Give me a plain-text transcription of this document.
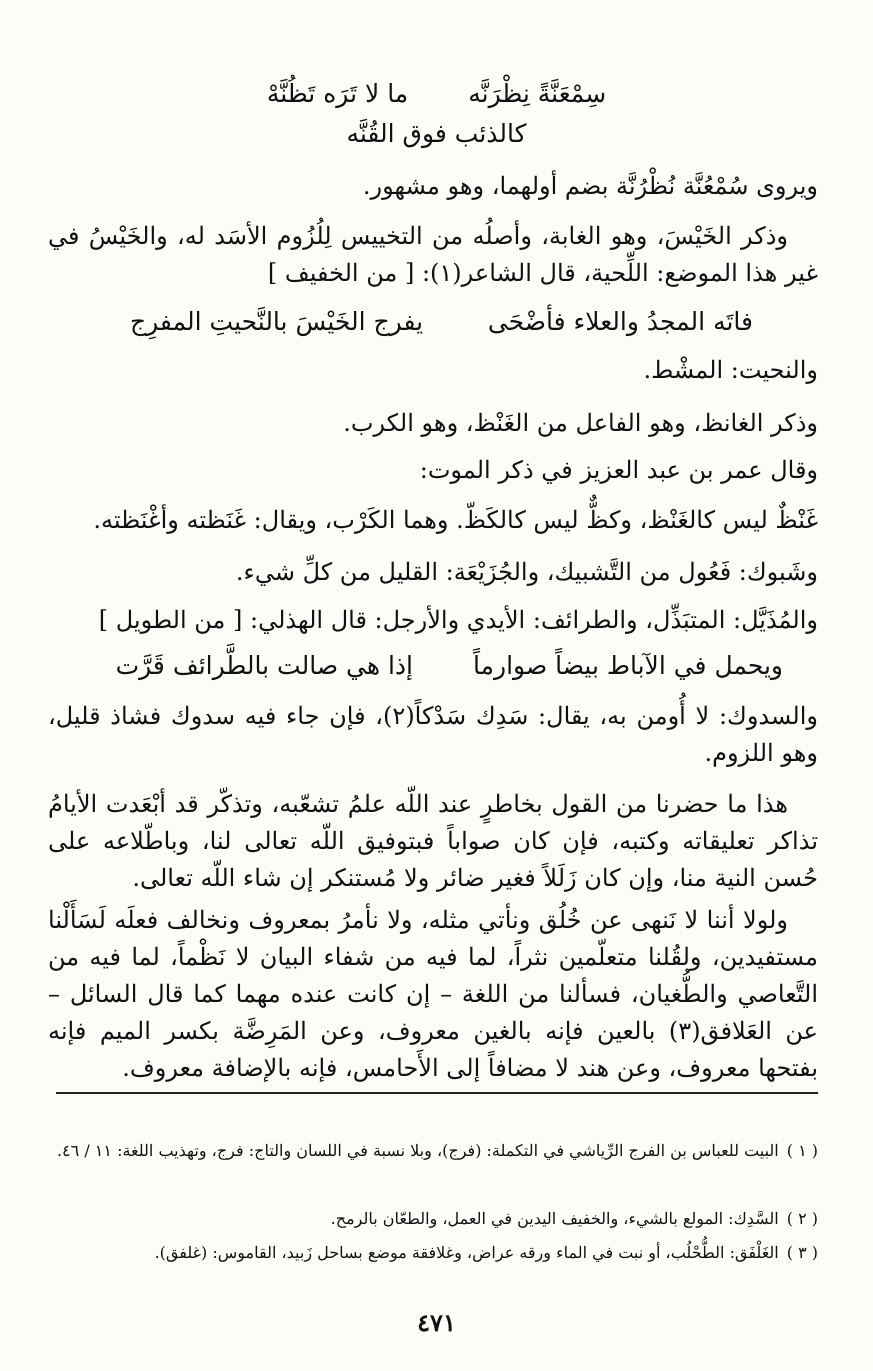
سِمْعَنَّةً نِظْرَنَّه
ما لا تَرَه تَظُنَّهْ
كالذئب فوق القُنَّه
ويروى سُمْعُنَّة نُظْرُنَّة بضم أولهما، وهو مشهور.
وذكر الخَيْسَ، وهو الغابة، وأصلُه من التخييس لِلُزُوم الأسَد له، والخَيْسُ في غير هذا الموضع: اللِّحية، قال الشاعر(١): [ من الخفيف ]
فاتَه المجدُ والعلاء فأضْحَى
يفرج الخَيْسَ بالنَّحيتِ المفرِج
والنحيت: المشْط.
وذكر الغانظ، وهو الفاعل من الغَنْظ، وهو الكرب.
وقال عمر بن عبد العزيز في ذكر الموت:
غَنْظٌ ليس كالغَنْظ، وكظٌّ ليس كالكَظّ. وهما الكَرْب، ويقال: غَنَظته وأغْنَظته.
وشَبوك: فَعُول من التَّشبيك، والجُزَيْعَة: القليل من كلِّ شيء.
والمُذَيَّل: المتبَذِّل، والطرائف: الأيدي والأرجل: قال الهذلي: [ من الطويل ]
ويحمل في الآباط بيضاً صوارماً
إذا هي صالت بالطَّرائف قَرَّت
والسدوك: لا أُومن به، يقال: سَدِك سَدْكاً(٢)، فإن جاء فيه سدوك فشاذ قليل، وهو اللزوم.
هذا ما حضرنا من القول بخاطرٍ عند اللّه علمُ تشعّبه، وتذكّر قد أبْعَدت الأيامُ تذاكر تعليقاته وكتبه، فإن كان صواباً فبتوفيق اللّه تعالى لنا، وباطّلاعه على حُسن النية منا، وإن كان زَلَلاً فغير ضائر ولا مُستنكر إن شاء اللّه تعالى.
ولولا أننا لا نَنهى عن خُلُق ونأتي مثله، ولا نأمرُ بمعروف ونخالف فعلَه لَسَأَلْنا مستفيدين، ولقُلنا متعلّمين نثراً، لما فيه من شفاء البيان لا نَظْماً، لما فيه من التَّعاصي والطُّغيان، فسألنا من اللغة – إن كانت عنده مهما كما قال السائل – عن العَلافق(٣) بالعين فإنه بالغين معروف، وعن المَرِضَّة بكسر الميم فإنه بفتحها معروف، وعن هند لا مضافاً إلى الأَحامس، فإنه بالإضافة معروف.
( ١ )البيت للعباس بن الفرج الرِّياشي في التكملة: (فرج)، وبلا نسبة في اللسان والتاج: فرج، وتهذيب اللغة: ١١ / ٤٦.
( ٢ )السَّدِك: المولع بالشيء، والخفيف اليدين في العمل، والطعّان بالرمح.
( ٣ )الغَلْفَق: الطُّحْلُب، أو نبت في الماء ورقه عراض، وغلافقة موضع بساحل زَبيد، القاموس: (غلفق).
٤٧١
